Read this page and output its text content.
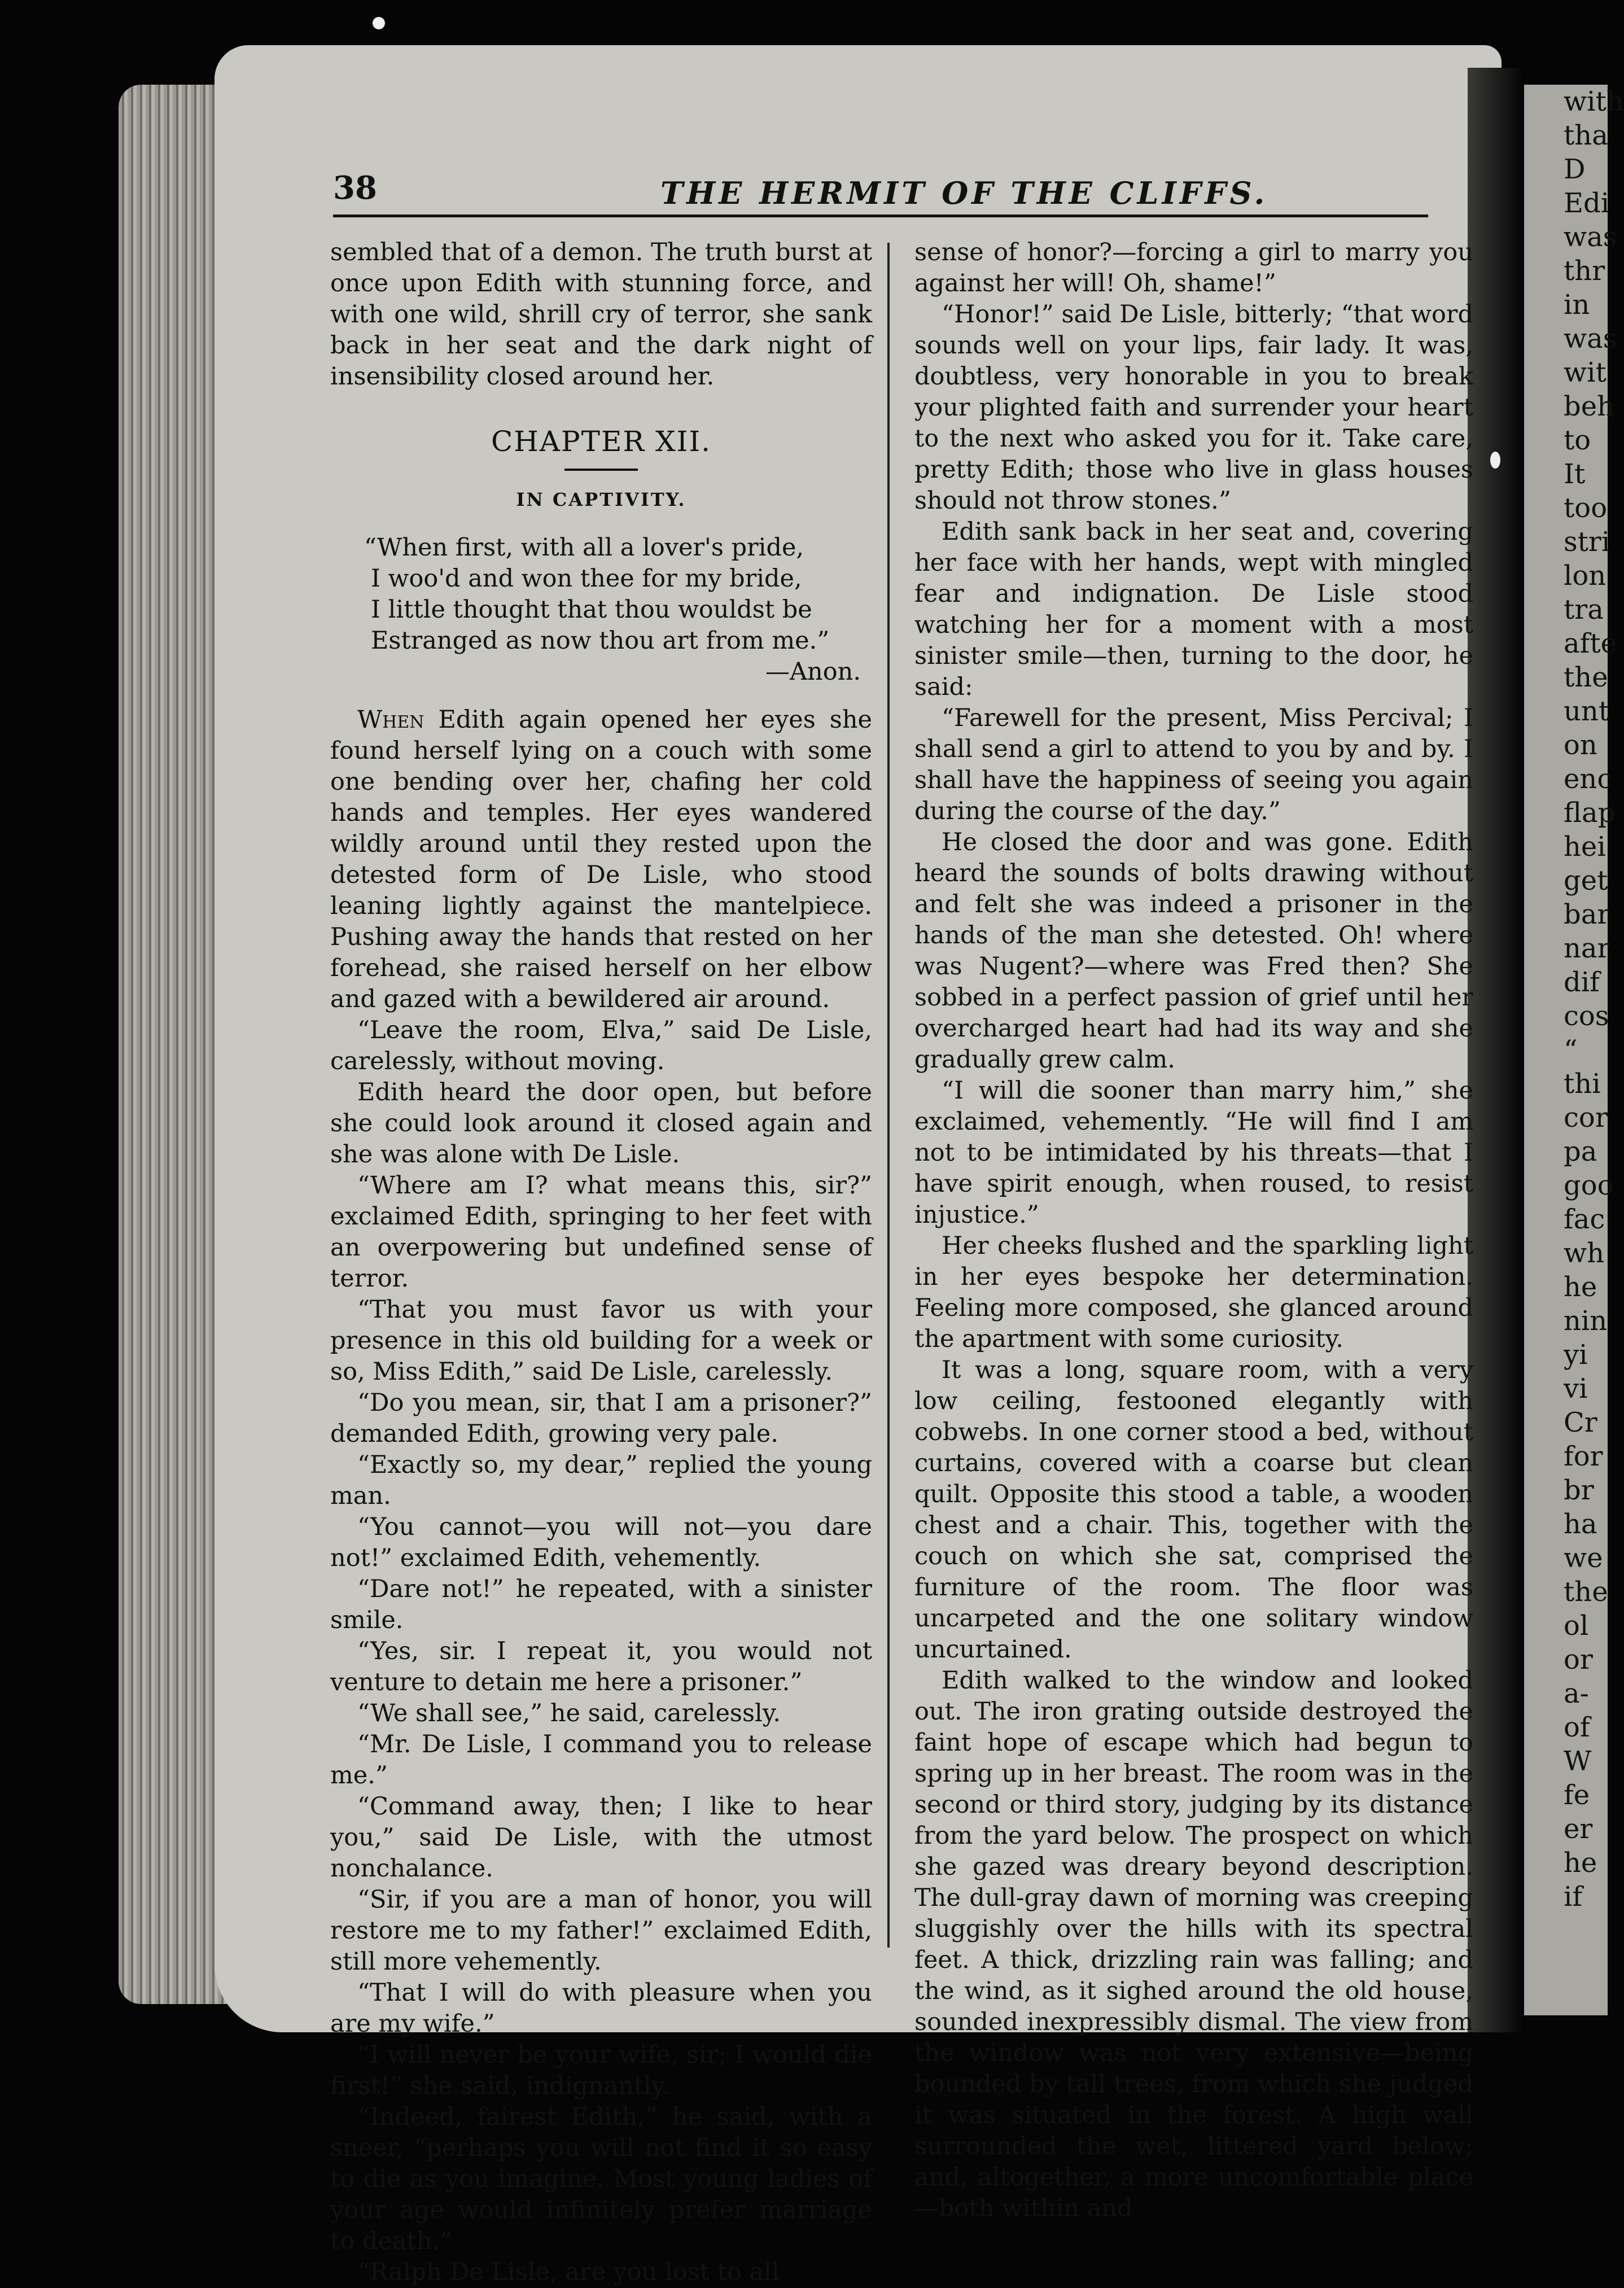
with
tha
D
Edi
was
thr
in
was
wit
beh
to
It
too
stri
lon
tra
afte
the
unt
on
enc
flap
hei
get
bar
nar
dif
cos
“
thi
cor
pa
goo
fac
wh
he
nin
yi
vi
Cr
for
br
ha
we
the
ol
or
a-
of
W
fe
er
he
if
38	THE HERMIT OF THE CLIFFS.

sembled that of a demon. The truth burst at once upon Edith with stunning force, and with one wild, shrill cry of terror, she sank back in her seat and the dark night of insensibility closed around her.

CHAPTER XII.
IN CAPTIVITY.
“When first, with all a lover's pride,
I woo'd and won thee for my bride,
I little thought that thou wouldst be
Estranged as now thou art from me.”
—Anon.

When Edith again opened her eyes she found herself lying on a couch with some one bending over her, chafing her cold hands and temples. Her eyes wandered wildly around until they rested upon the detested form of De Lisle, who stood leaning lightly against the mantelpiece. Pushing away the hands that rested on her forehead, she raised herself on her elbow and gazed with a bewildered air around.

“Leave the room, Elva,” said De Lisle, carelessly, without moving.

Edith heard the door open, but before she could look around it closed again and she was alone with De Lisle.

“Where am I? what means this, sir?” exclaimed Edith, springing to her feet with an overpowering but undefined sense of terror.

“That you must favor us with your presence in this old building for a week or so, Miss Edith,” said De Lisle, carelessly.

“Do you mean, sir, that I am a prisoner?” demanded Edith, growing very pale.

“Exactly so, my dear,” replied the young man.

“You cannot—you will not—you dare not!” exclaimed Edith, vehemently.

“Dare not!” he repeated, with a sinister smile.

“Yes, sir. I repeat it, you would not venture to detain me here a prisoner.”

“We shall see,” he said, carelessly.

“Mr. De Lisle, I command you to release me.”

“Command away, then; I like to hear you,” said De Lisle, with the utmost nonchalance.

“Sir, if you are a man of honor, you will restore me to my father!” exclaimed Edith, still more vehemently.

“That I will do with pleasure when you are my wife.”

“I will never be your wife, sir; I would die first!” she said, indignantly.

“Indeed, fairest Edith,” he said, with a sneer, “perhaps you will not find it so easy to die as you imagine. Most young ladies of your age would infinitely prefer marriage to death.”

“Ralph De Lisle, are you lost to all

sense of honor?—forcing a girl to marry you against her will! Oh, shame!”

“Honor!” said De Lisle, bitterly; “that word sounds well on your lips, fair lady. It was, doubtless, very honorable in you to break your plighted faith and surrender your heart to the next who asked you for it. Take care, pretty Edith; those who live in glass houses should not throw stones.”

Edith sank back in her seat and, covering her face with her hands, wept with mingled fear and indignation. De Lisle stood watching her for a moment with a most sinister smile—then, turning to the door, he said:

“Farewell for the present, Miss Percival; I shall send a girl to attend to you by and by. I shall have the happiness of seeing you again during the course of the day.”

He closed the door and was gone. Edith heard the sounds of bolts drawing without and felt she was indeed a prisoner in the hands of the man she detested. Oh! where was Nugent?—where was Fred then? She sobbed in a perfect passion of grief until her overcharged heart had had its way and she gradually grew calm.

“I will die sooner than marry him,” she exclaimed, vehemently. “He will find I am not to be intimidated by his threats—that I have spirit enough, when roused, to resist injustice.”

Her cheeks flushed and the sparkling light in her eyes bespoke her determination. Feeling more composed, she glanced around the apartment with some curiosity.

It was a long, square room, with a very low ceiling, festooned elegantly with cobwebs. In one corner stood a bed, without curtains, covered with a coarse but clean quilt. Opposite this stood a table, a wooden chest and a chair. This, together with the couch on which she sat, comprised the furniture of the room. The floor was uncarpeted and the one solitary window uncurtained.

Edith walked to the window and looked out. The iron grating outside destroyed the faint hope of escape which had begun to spring up in her breast. The room was in the second or third story, judging by its distance from the yard below. The prospect on which she gazed was dreary beyond description. The dull-gray dawn of morning was creeping sluggishly over the hills with its spectral feet. A thick, drizzling rain was falling; and the wind, as it sighed around the old house, sounded inexpressibly dismal. The view from the window was not very extensive—being bounded by tall trees, from which she judged it was situated in the forest. A high wall surrounded the wet, littered yard below; and, altogether, a more uncomfortable place—both within and
